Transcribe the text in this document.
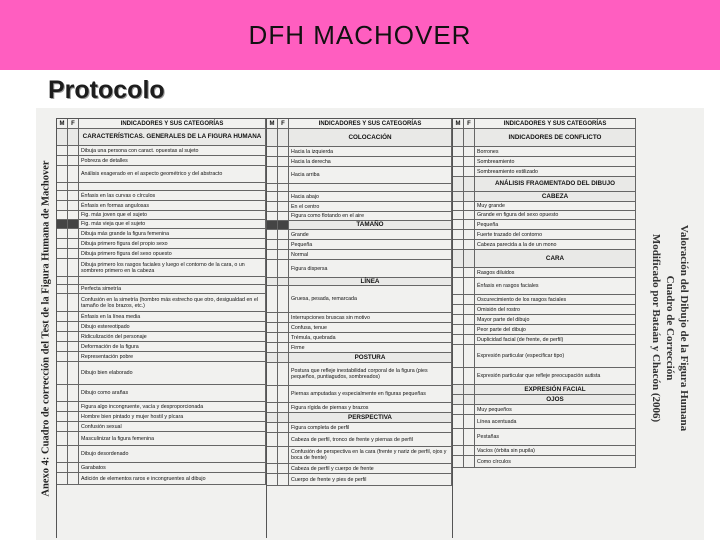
DFH MACHOVER
Protocolo
Anexo 4: Cuadro de corrección del Test de la Figura Humana de Machover
M	F	INDICADORES Y SUS CATEGORÍAS
CARACTERÍSTICAS. GENERALES DE LA FIGURA HUMANA
Dibuja una persona con caract. opuestas al sujeto
Pobreza de detalles
Análisis exagerado en el aspecto geométrico y del abstracto
Énfasis en las curvas o círculos
Énfasis en formas angulosas
Fig. más joven que el sujeto
Fig. más vieja que el sujeto
Dibuja más grande la figura femenina
Dibuja primero figura del propio sexo
Dibuja primero figura del sexo opuesto
Dibuja primero los rasgos faciales y luego el contorno de la cara, o un sombrero primero en la cabeza
Perfecta simetría
Confusión en la simetría (hombro más estrecho que otro, desigualdad en el tamaño de los brazos, etc.)
Énfasis en la línea media
Dibujo estereotipado
Ridiculización del personaje
Deformación de la figura
Representación pobre
Dibujo bien elaborado
Dibujo como arañas
Figura algo incongruente, vacía y desproporcionada
Hombre bien pintado y mujer hostil y pícara
Confusión sexual
Masculinizar la figura femenina
Dibujo desordenado
Garabatos
Adición de elementos raros e incongruentes al dibujo
M	F	INDICADORES Y SUS CATEGORÍAS
COLOCACIÓN
Hacia la izquierda
Hacia la derecha
Hacia arriba
Hacia abajo
En el centro
Figura como flotando en el aire
TAMAÑO
Grande
Pequeña
Normal
Figura dispersa
LÍNEA
Gruesa, pesada, remarcada
Interrupciones bruscas sin motivo
Confusa, tenue
Trémula, quebrada
Firme
POSTURA
Postura que refleje inestabilidad corporal de la figura (pies pequeños, puntiagudos, sombreados)
Piernas amputadas y especialmente en figuras pequeñas
Figura rígida de piernas y brazos
PERSPECTIVA
Figura completa de perfil
Cabeza de perfil, tronco de frente y piernas de perfil
Confusión de perspectiva en la cara (frente y nariz de perfil, ojos y boca de frente)
Cabeza de perfil y cuerpo de frente
Cuerpo de frente y pies de perfil
M	F	INDICADORES Y SUS CATEGORÍAS
INDICADORES DE CONFLICTO
Borrones
Sombreamiento
Sombreamiento estilizado
ANÁLISIS FRAGMENTADO DEL DIBUJO
CABEZA
Muy grande
Grande en figura del sexo opuesto
Pequeña
Fuerte trazado del contorno
Cabeza parecida a la de un mono
CARA
Rasgos diluidos
Énfasis en rasgos faciales
Oscurecimiento de los rasgos faciales
Omisión del rostro
Mayor parte del dibujo
Peor parte del dibujo
Duplicidad facial (de frente, de perfil)
Expresión particular (especificar tipo)
Expresión particular que refleje preocupación autista
EXPRESIÓN FACIAL
OJOS
Muy pequeños
Línea acentuada
Pestañas
Vacíos (órbita sin pupila)
Como círculos
Valoración del Dibujo de la Figura Humana
Cuadro de Corrección
Modificado por Bataán y Chacón (2006)
